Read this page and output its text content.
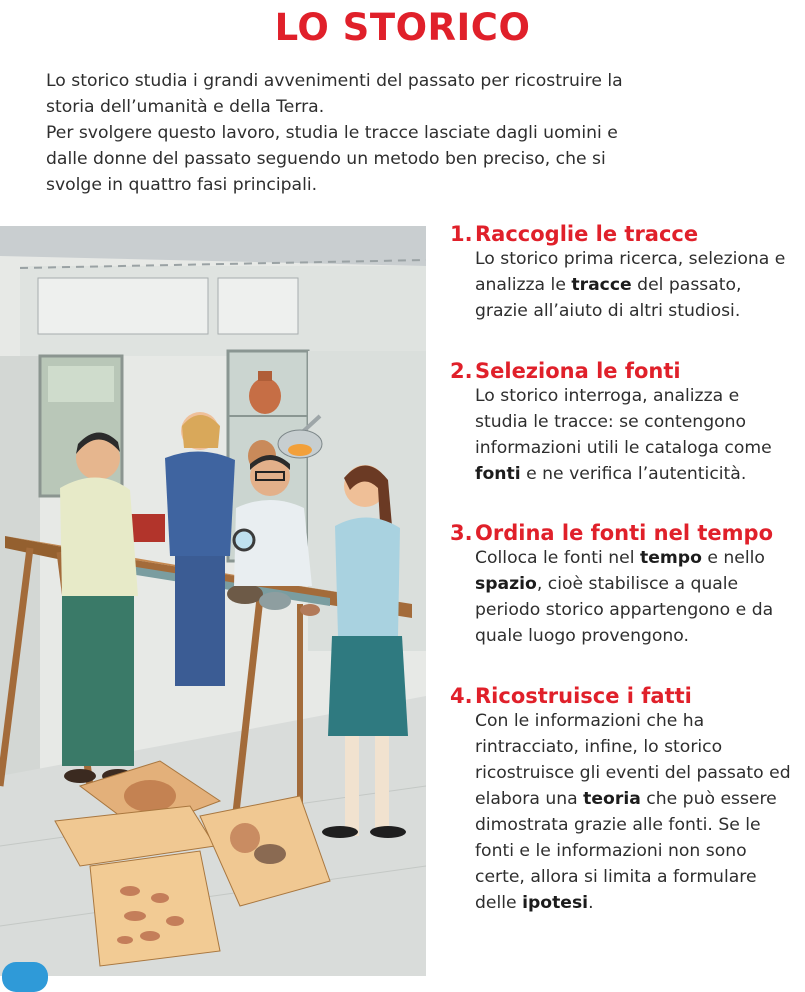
LO STORICO

Lo storico studia i grandi avvenimenti del passato per ricostruire la storia dell’umanità e della Terra.

Per svolgere questo lavoro, studia le tracce lasciate dagli uomini e dalle donne del passato seguendo un metodo ben preciso, che si svolge in quattro fasi principali.

1. Raccoglie le tracce
Lo storico prima ricerca, seleziona e analizza le tracce del passato, grazie all’aiuto di altri studiosi.
2. Seleziona le fonti
Lo storico interroga, analizza e studia le tracce: se contengono informazioni utili le cataloga come fonti e ne verifica l’autenticità.
3. Ordina le fonti nel tempo
Colloca le fonti nel tempo e nello spazio, cioè stabilisce a quale periodo storico appartengono e da quale luogo provengono.
4. Ricostruisce i fatti
Con le informazioni che ha rintracciato, infine, lo storico ricostruisce gli eventi del passato ed elabora una teoria che può essere dimostrata grazie alle fonti. Se le fonti e le informazioni non sono certe, allora si limita a formulare delle ipotesi.
